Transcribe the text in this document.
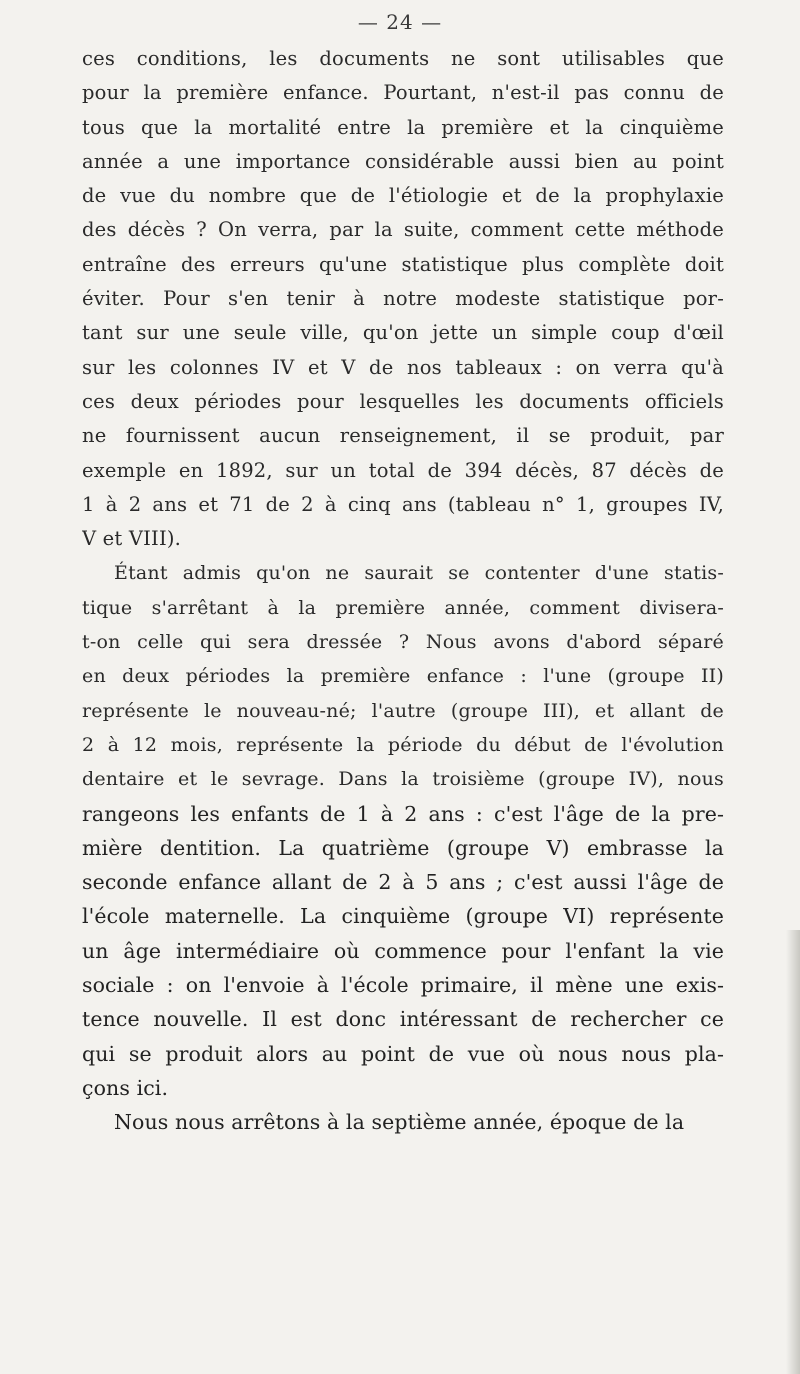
— 24 —
ces conditions, les documents ne sont utilisables que
pour la première enfance. Pourtant, n'est-il pas connu de
tous que la mortalité entre la première et la cinquième
année a une importance considérable aussi bien au point
de vue du nombre que de l'étiologie et de la prophylaxie
des décès ? On verra, par la suite, comment cette méthode
entraîne des erreurs qu'une statistique plus complète doit
éviter. Pour s'en tenir à notre modeste statistique por-
tant sur une seule ville, qu'on jette un simple coup d'œil
sur les colonnes IV et V de nos tableaux : on verra qu'à
ces deux périodes pour lesquelles les documents officiels
ne fournissent aucun renseignement, il se produit, par
exemple en 1892, sur un total de 394 décès, 87 décès de
1 à 2 ans et 71 de 2 à cinq ans (tableau n° 1, groupes IV,
V et VIII).
Étant admis qu'on ne saurait se contenter d'une statis-
tique s'arrêtant à la première année, comment divisera-
t-on celle qui sera dressée ? Nous avons d'abord séparé
en deux périodes la première enfance : l'une (groupe II)
représente le nouveau-né; l'autre (groupe III), et allant de
2 à 12 mois, représente la période du début de l'évolution
dentaire et le sevrage. Dans la troisième (groupe IV), nous
rangeons les enfants de 1 à 2 ans : c'est l'âge de la pre-
mière dentition. La quatrième (groupe V) embrasse la
seconde enfance allant de 2 à 5 ans ; c'est aussi l'âge de
l'école maternelle. La cinquième (groupe VI) représente
un âge intermédiaire où commence pour l'enfant la vie
sociale : on l'envoie à l'école primaire, il mène une exis-
tence nouvelle. Il est donc intéressant de rechercher ce
qui se produit alors au point de vue où nous nous pla-
çons ici.
Nous nous arrêtons à la septième année, époque de la
